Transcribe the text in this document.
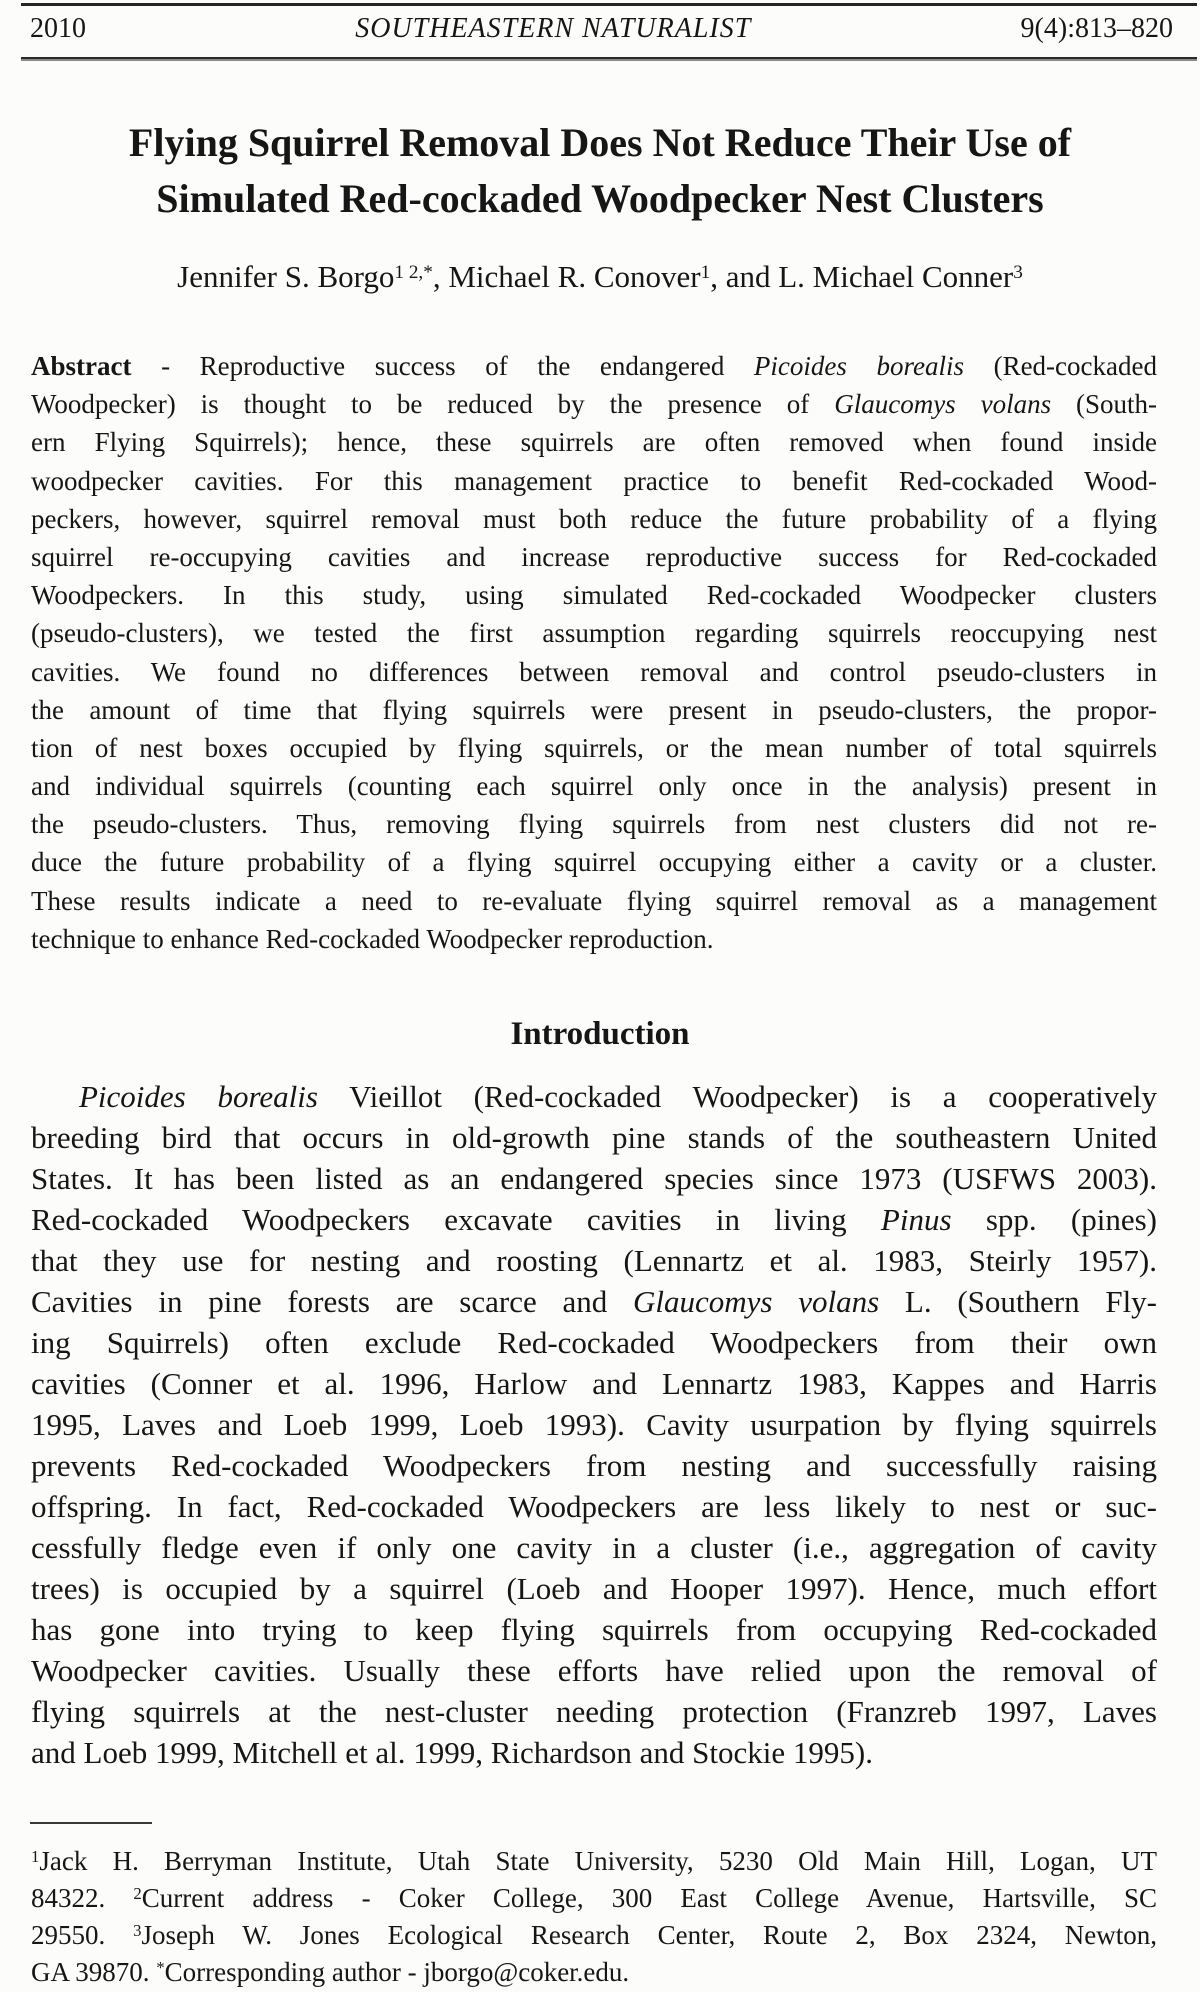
2010	SOUTHEASTERN NATURALIST	9(4):813–820
Flying Squirrel Removal Does Not Reduce Their Use of
Simulated Red-cockaded Woodpecker Nest Clusters
Jennifer S. Borgo$^{1 2,*}$, Michael R. Conover$^1$, and L. Michael Conner$^3$
Abstract - Reproductive success of the endangered Picoides borealis (Red-cockaded
Woodpecker) is thought to be reduced by the presence of Glaucomys volans (South-
ern Flying Squirrels); hence, these squirrels are often removed when found inside
woodpecker cavities. For this management practice to benefit Red-cockaded Wood-
peckers, however, squirrel removal must both reduce the future probability of a flying
squirrel re-occupying cavities and increase reproductive success for Red-cockaded
Woodpeckers. In this study, using simulated Red-cockaded Woodpecker clusters
(pseudo-clusters), we tested the first assumption regarding squirrels reoccupying nest
cavities. We found no differences between removal and control pseudo-clusters in
the amount of time that flying squirrels were present in pseudo-clusters, the propor-
tion of nest boxes occupied by flying squirrels, or the mean number of total squirrels
and individual squirrels (counting each squirrel only once in the analysis) present in
the pseudo-clusters. Thus, removing flying squirrels from nest clusters did not re-
duce the future probability of a flying squirrel occupying either a cavity or a cluster.
These results indicate a need to re-evaluate flying squirrel removal as a management
technique to enhance Red-cockaded Woodpecker reproduction.
Introduction
Picoides borealis Vieillot (Red-cockaded Woodpecker) is a cooperatively
breeding bird that occurs in old-growth pine stands of the southeastern United
States. It has been listed as an endangered species since 1973 (USFWS 2003).
Red-cockaded Woodpeckers excavate cavities in living Pinus spp. (pines)
that they use for nesting and roosting (Lennartz et al. 1983, Steirly 1957).
Cavities in pine forests are scarce and Glaucomys volans L. (Southern Fly-
ing Squirrels) often exclude Red-cockaded Woodpeckers from their own
cavities (Conner et al. 1996, Harlow and Lennartz 1983, Kappes and Harris
1995, Laves and Loeb 1999, Loeb 1993). Cavity usurpation by flying squirrels
prevents Red-cockaded Woodpeckers from nesting and successfully raising
offspring. In fact, Red-cockaded Woodpeckers are less likely to nest or suc-
cessfully fledge even if only one cavity in a cluster (i.e., aggregation of cavity
trees) is occupied by a squirrel (Loeb and Hooper 1997). Hence, much effort
has gone into trying to keep flying squirrels from occupying Red-cockaded
Woodpecker cavities. Usually these efforts have relied upon the removal of
flying squirrels at the nest-cluster needing protection (Franzreb 1997, Laves
and Loeb 1999, Mitchell et al. 1999, Richardson and Stockie 1995).
$^1$Jack H. Berryman Institute, Utah State University, 5230 Old Main Hill, Logan, UT
84322. $^2$Current address - Coker College, 300 East College Avenue, Hartsville, SC
29550. $^3$Joseph W. Jones Ecological Research Center, Route 2, Box 2324, Newton,
GA 39870. *Corresponding author - jborgo@coker.edu.
